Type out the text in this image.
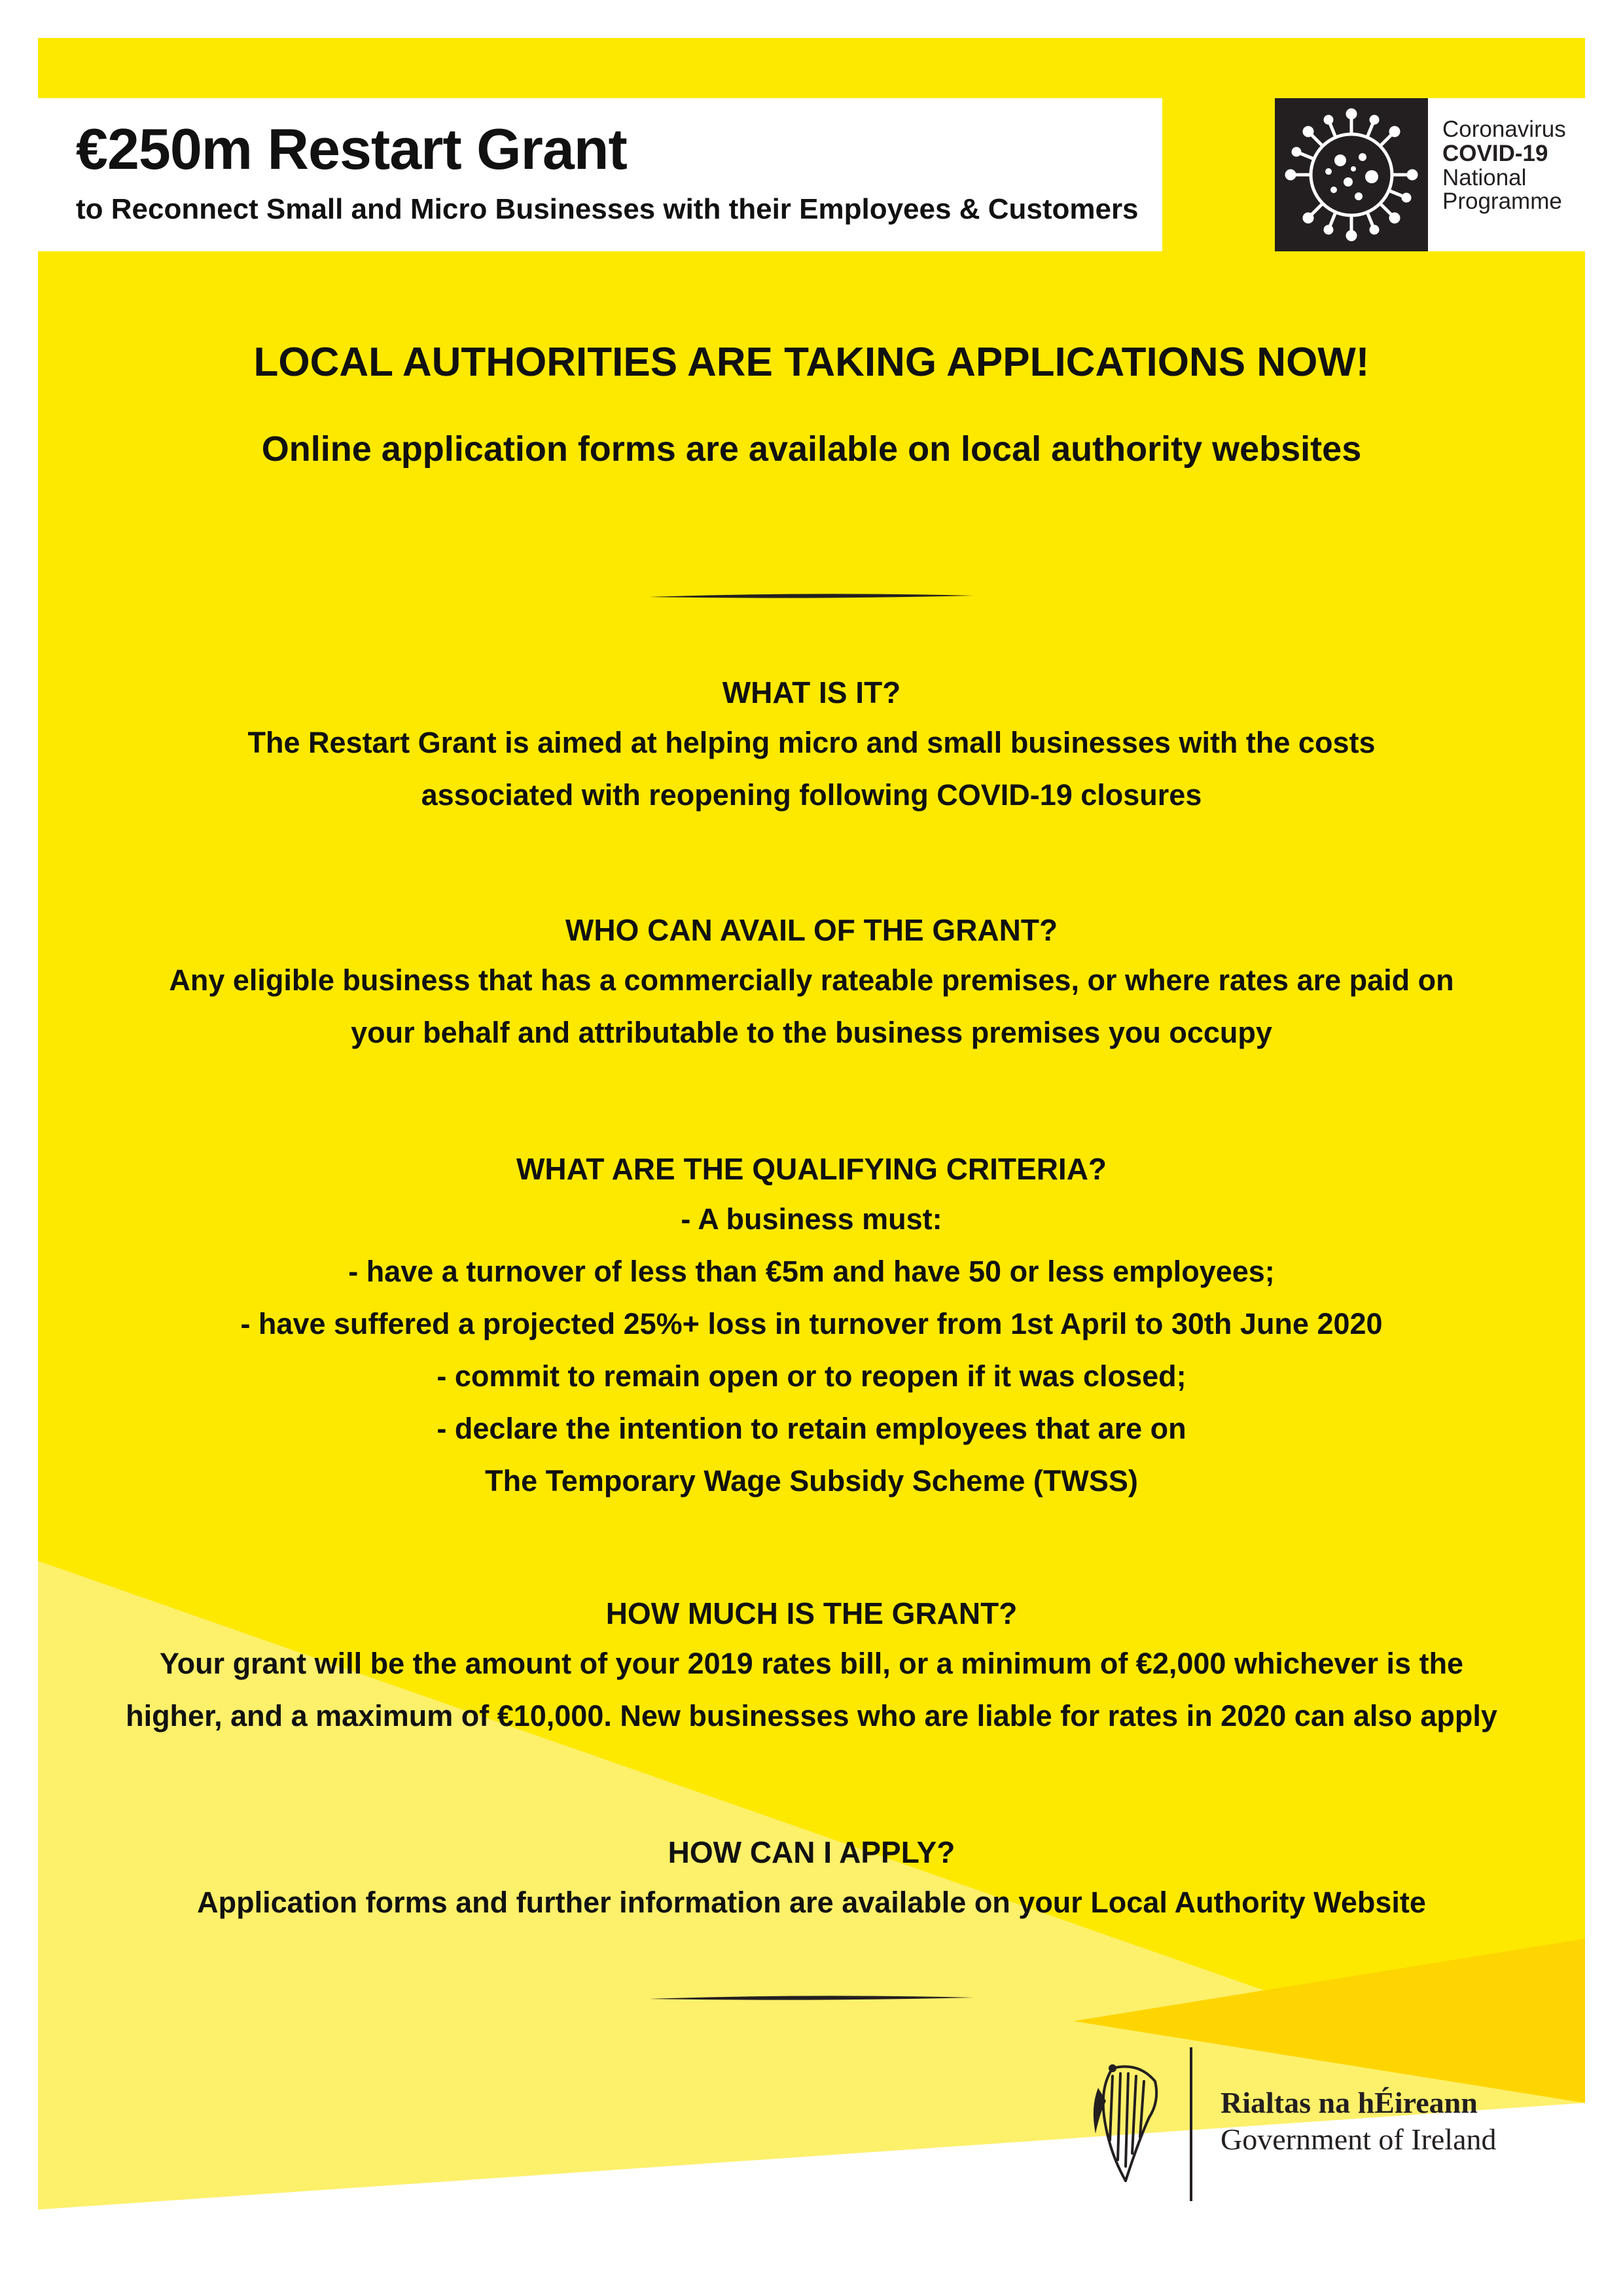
€250m Restart Grant
to Reconnect Small and Micro Businesses with their Employees & Customers
Coronavirus
COVID-19
National
Programme
LOCAL AUTHORITIES ARE TAKING APPLICATIONS NOW!
Online application forms are available on local authority websites
WHAT IS IT?
The Restart Grant is aimed at helping micro and small businesses with the costs
associated with reopening following COVID-19 closures
WHO CAN AVAIL OF THE GRANT?
Any eligible business that has a commercially rateable premises, or where rates are paid on
your behalf and attributable to the business premises you occupy
WHAT ARE THE QUALIFYING CRITERIA?
- A business must:
- have a turnover of less than €5m and have 50 or less employees;
- have suffered a projected 25%+ loss in turnover from 1st April to 30th June 2020
- commit to remain open or to reopen if it was closed;
- declare the intention to retain employees that are on
The Temporary Wage Subsidy Scheme (TWSS)
HOW MUCH IS THE GRANT?
Your grant will be the amount of your 2019 rates bill, or a minimum of €2,000 whichever is the
higher, and a maximum of €10,000. New businesses who are liable for rates in 2020 can also apply
HOW CAN I APPLY?
Application forms and further information are available on your Local Authority Website
Rialtas na hÉireann
Government of Ireland
